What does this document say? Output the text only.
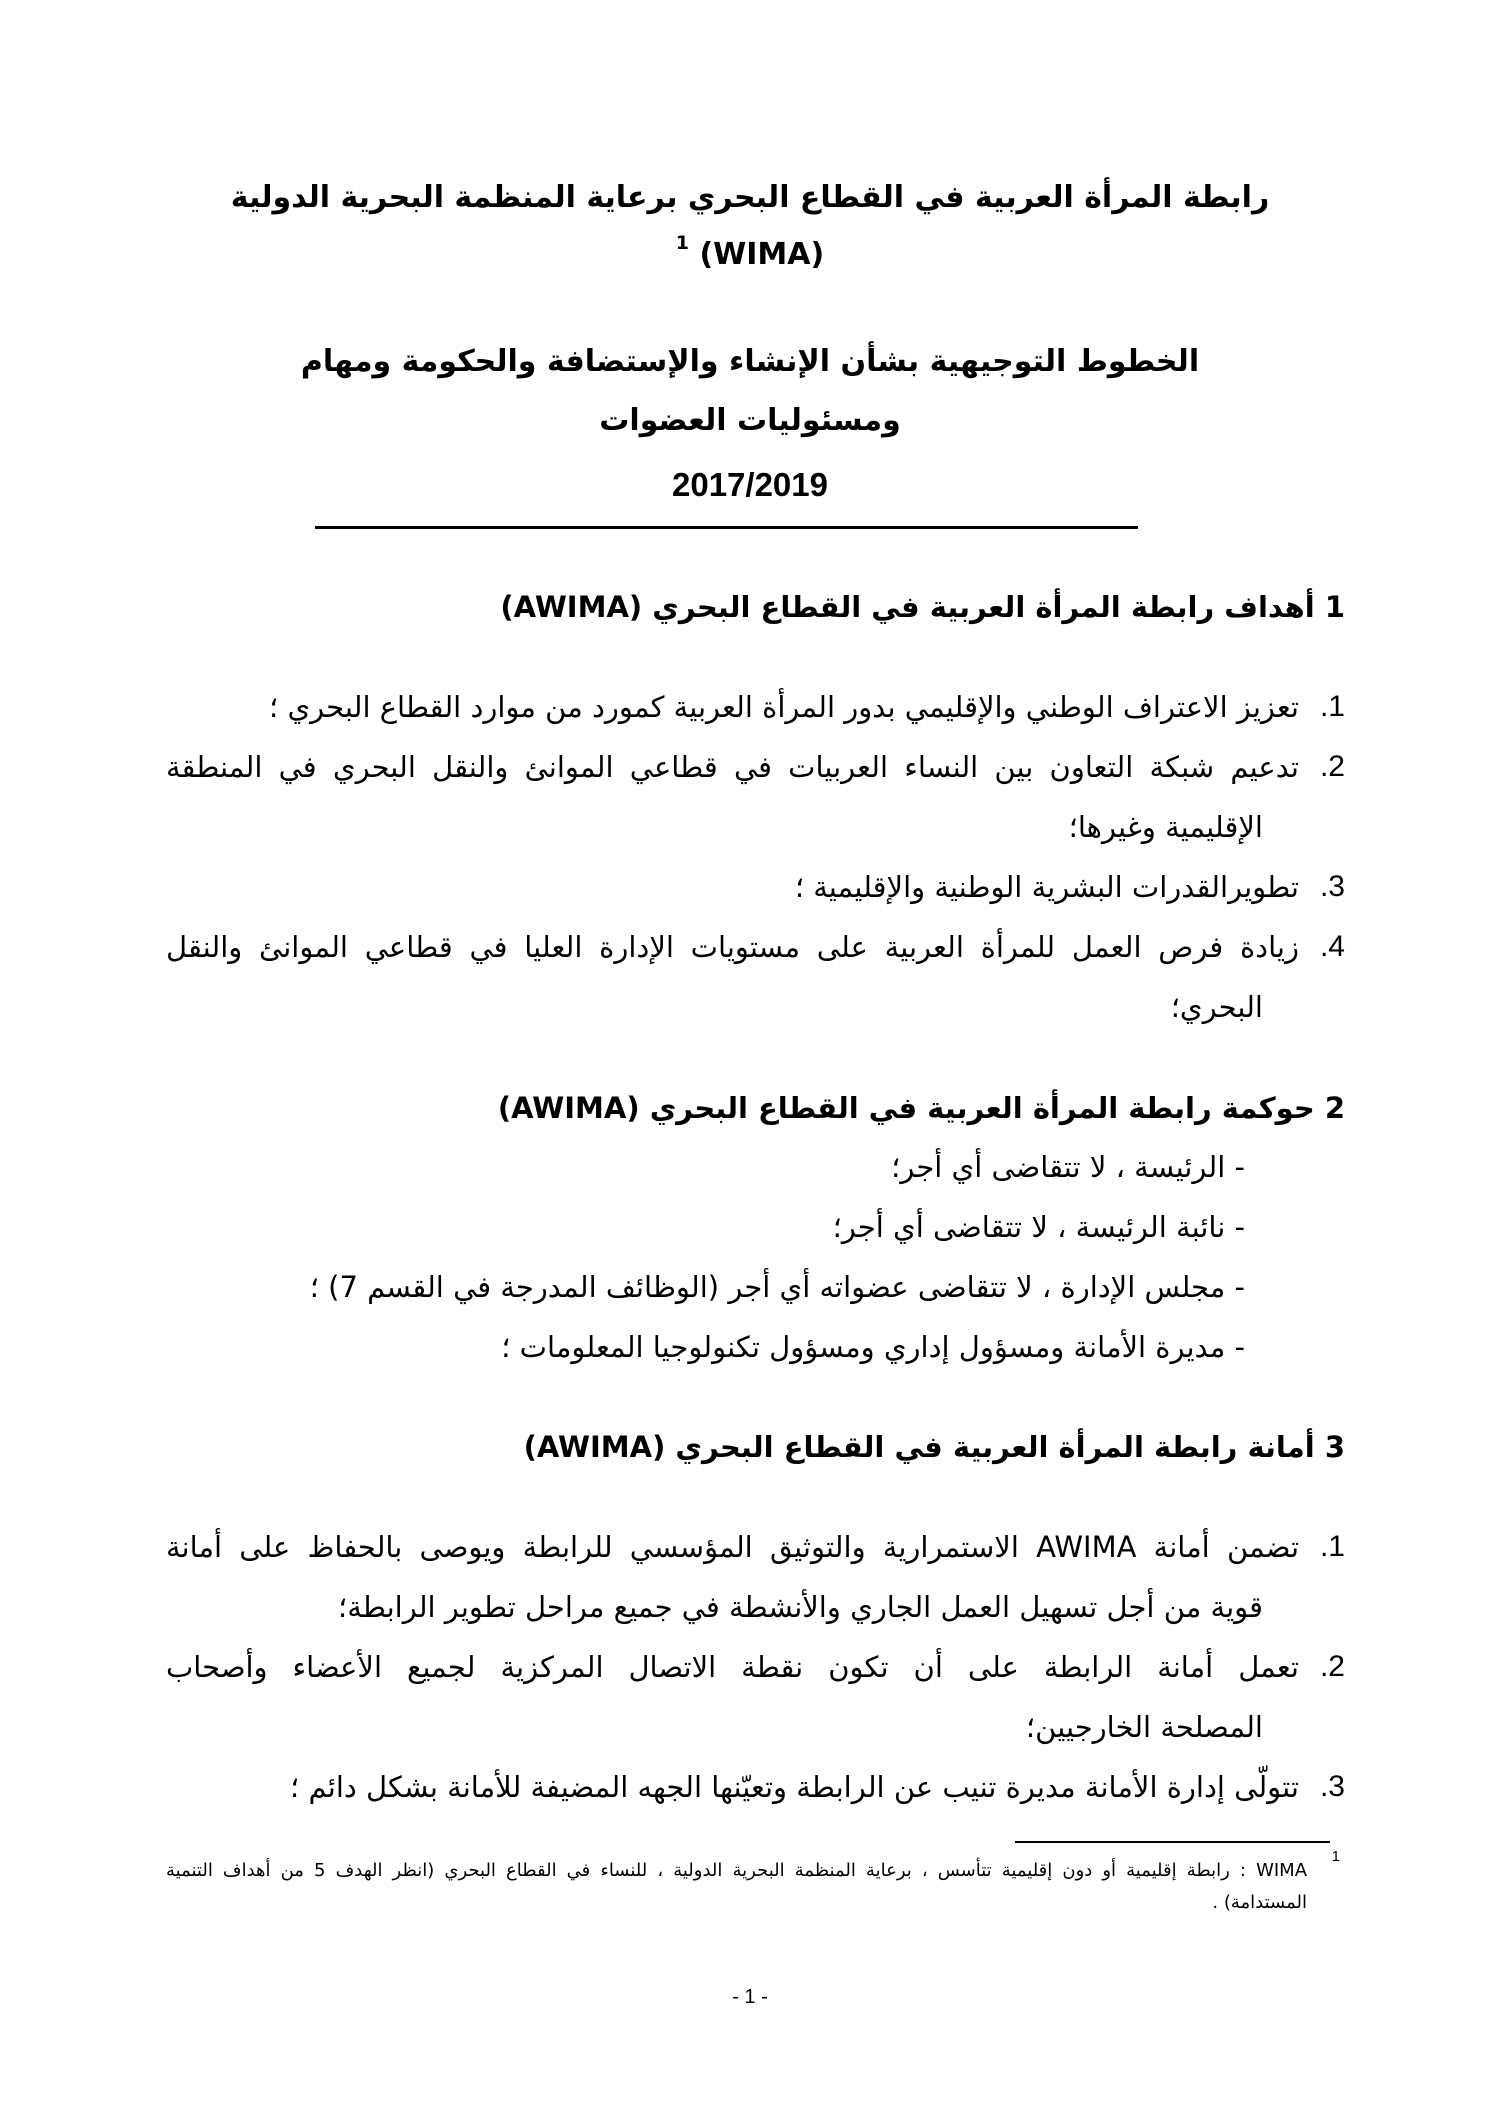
رابطة المرأة العربية في القطاع البحري برعاية المنظمة البحرية الدولية
$^1$ (WIMA)
الخطوط التوجيهية بشأن الإنشاء والإستضافة والحكومة ومهام
ومسئوليات العضوات
2017/2019
1 أهداف رابطة المرأة العربية في القطاع البحري (AWIMA)
.1
تعزيز الاعتراف الوطني والإقليمي بدور المرأة العربية كمورد من موارد القطاع البحري ؛
.2
تدعيم شبكة التعاون بين النساء العربيات في قطاعي الموانئ والنقل البحري في المنطقة
الإقليمية وغيرها؛
.3
تطويرالقدرات البشرية الوطنية والإقليمية ؛
.4
زيادة فرص العمل للمرأة العربية على مستويات الإدارة العليا في قطاعي الموانئ والنقل
البحري؛
2 حوكمة رابطة المرأة العربية في القطاع البحري (AWIMA)
- الرئيسة ، لا تتقاضى أي أجر؛
- نائبة الرئيسة ، لا تتقاضى أي أجر؛
- مجلس الإدارة ، لا تتقاضى عضواته أي أجر (الوظائف المدرجة في القسم 7) ؛
- مديرة الأمانة ومسؤول إداري ومسؤول تكنولوجيا المعلومات ؛
3 أمانة رابطة المرأة العربية في القطاع البحري (AWIMA)
.1
تضمن أمانة AWIMA الاستمرارية والتوثيق المؤسسي للرابطة ويوصى بالحفاظ على أمانة
قوية من أجل تسهيل العمل الجاري والأنشطة في جميع مراحل تطوير الرابطة؛
.2
تعمل أمانة الرابطة على أن تكون نقطة الاتصال المركزية لجميع الأعضاء وأصحاب
المصلحة الخارجيين؛
.3
تتولّى إدارة الأمانة مديرة تنيب عن الرابطة وتعيّنها الجهه المضيفة للأمانة بشكل دائم ؛
1
WIMA : رابطة إقليمية أو دون إقليمية تتأسس ، برعاية المنظمة البحرية الدولية ، للنساء في القطاع البحري (انظر الهدف 5 من أهداف التنمية
المستدامة) .
- 1 -
